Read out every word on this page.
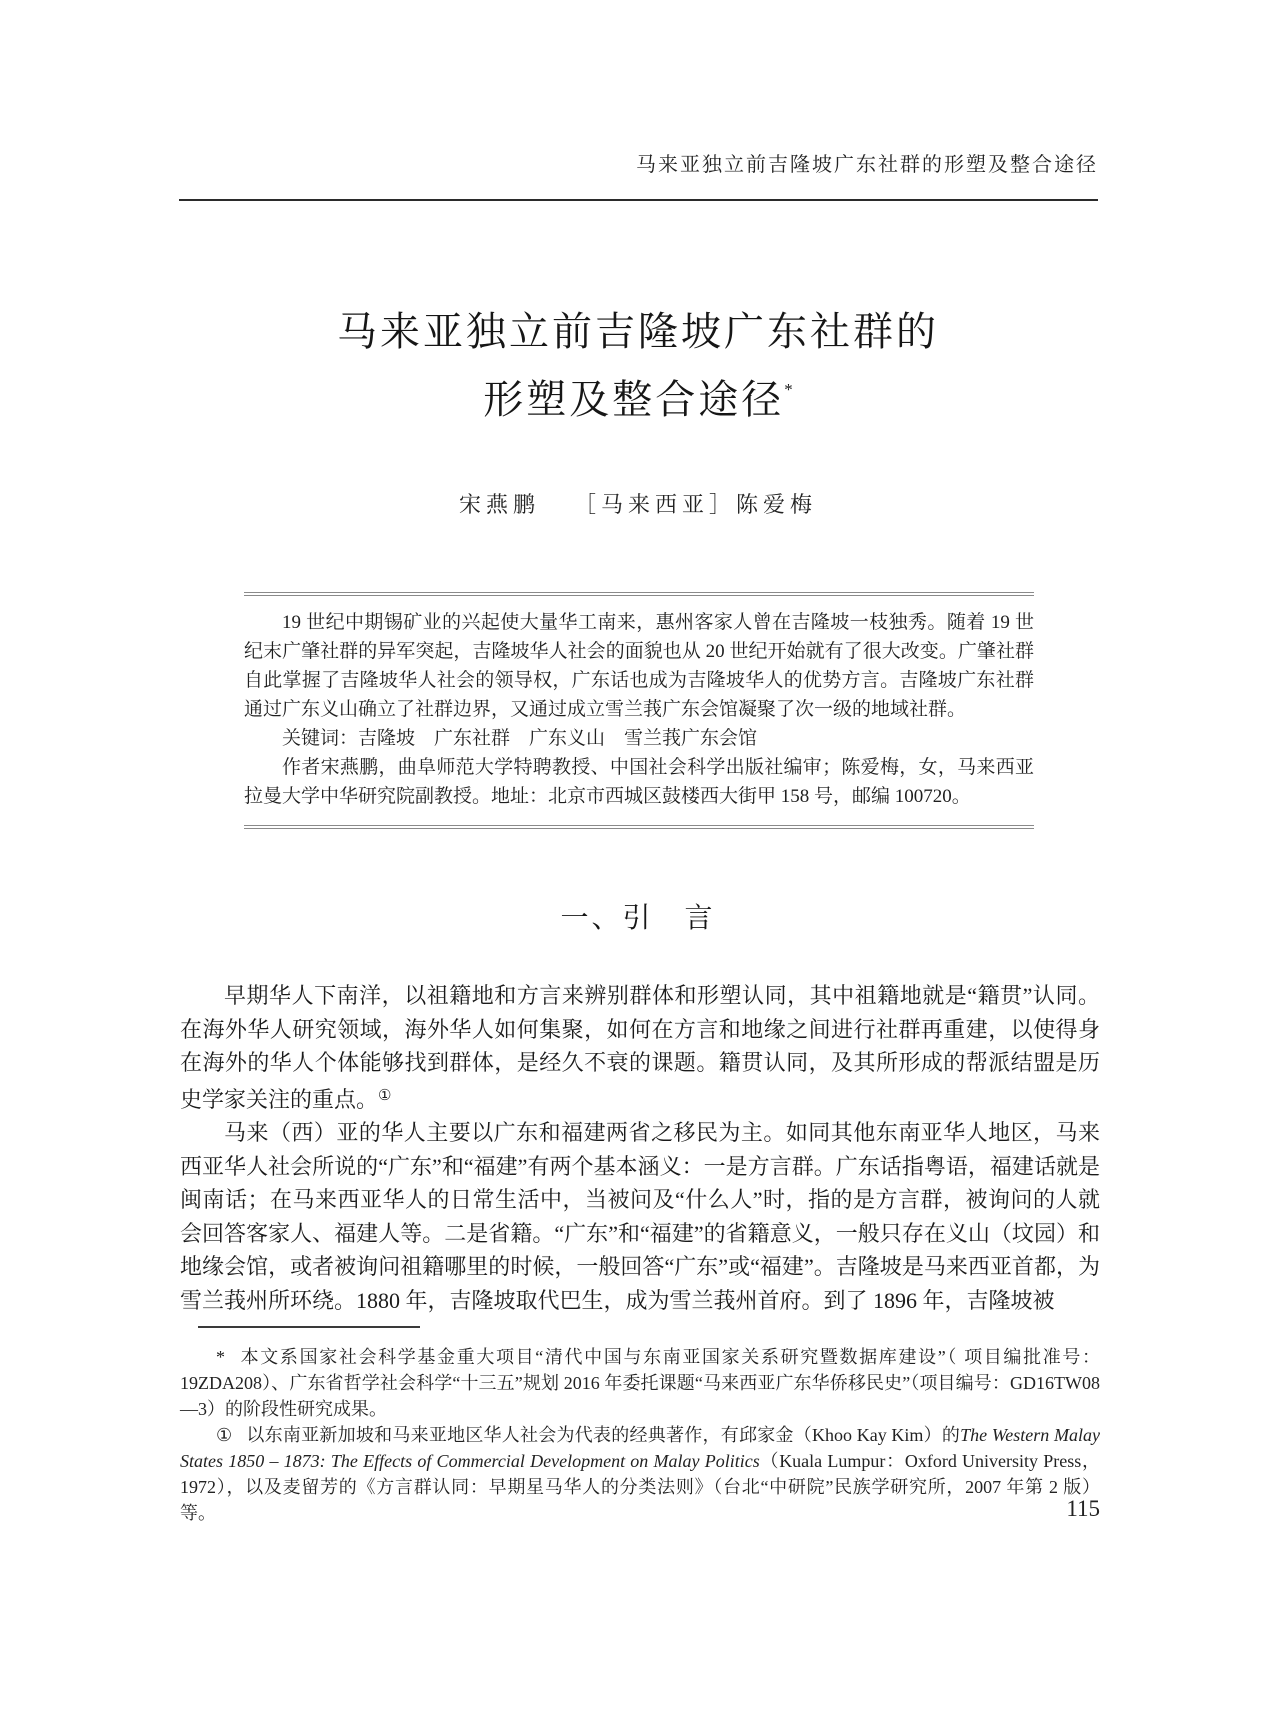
马来亚独立前吉隆坡广东社群的形塑及整合途径
马来亚独立前吉隆坡广东社群的
形塑及整合途径*
宋燕鹏 ［马来西亚］陈爱梅

19 世纪中期锡矿业的兴起使大量华工南来，惠州客家人曾在吉隆坡一枝独秀。随着 19 世纪末广肇社群的异军突起，吉隆坡华人社会的面貌也从 20 世纪开始就有了很大改变。广肇社群自此掌握了吉隆坡华人社会的领导权，广东话也成为吉隆坡华人的优势方言。吉隆坡广东社群通过广东义山确立了社群边界，又通过成立雪兰莪广东会馆凝聚了次一级的地域社群。

关键词：吉隆坡　广东社群　广东义山　雪兰莪广东会馆

作者宋燕鹏，曲阜师范大学特聘教授、中国社会科学出版社编审；陈爱梅，女，马来西亚拉曼大学中华研究院副教授。地址：北京市西城区鼓楼西大街甲 158 号，邮编 100720。

一、引　言

早期华人下南洋，以祖籍地和方言来辨别群体和形塑认同，其中祖籍地就是“籍贯”认同。在海外华人研究领域，海外华人如何集聚，如何在方言和地缘之间进行社群再重建，以使得身在海外的华人个体能够找到群体，是经久不衰的课题。籍贯认同，及其所形成的帮派结盟是历史学家关注的重点。①

马来（西）亚的华人主要以广东和福建两省之移民为主。如同其他东南亚华人地区，马来西亚华人社会所说的“广东”和“福建”有两个基本涵义：一是方言群。广东话指粤语，福建话就是闽南话；在马来西亚华人的日常生活中，当被问及“什么人”时，指的是方言群，被询问的人就会回答客家人、福建人等。二是省籍。“广东”和“福建”的省籍意义，一般只存在义山（坟园）和地缘会馆，或者被询问祖籍哪里的时候，一般回答“广东”或“福建”。吉隆坡是马来西亚首都，为雪兰莪州所环绕。1880 年，吉隆坡取代巴生，成为雪兰莪州首府。到了 1896 年，吉隆坡被

* 本文系国家社会科学基金重大项目“清代中国与东南亚国家关系研究暨数据库建设”（ 项目编批准号：19ZDA208）、广东省哲学社会科学“十三五”规划 2016 年委托课题“马来西亚广东华侨移民史”（项目编号：GD16TW08—3）的阶段性研究成果。

① 以东南亚新加坡和马来亚地区华人社会为代表的经典著作，有邱家金（Khoo Kay Kim）的The Western Malay States 1850 – 1873: The Effects of Commercial Development on Malay Politics（Kuala Lumpur：Oxford University Press，1972），以及麦留芳的《方言群认同：早期星马华人的分类法则》（台北“中研院”民族学研究所，2007 年第 2 版）等。	115
